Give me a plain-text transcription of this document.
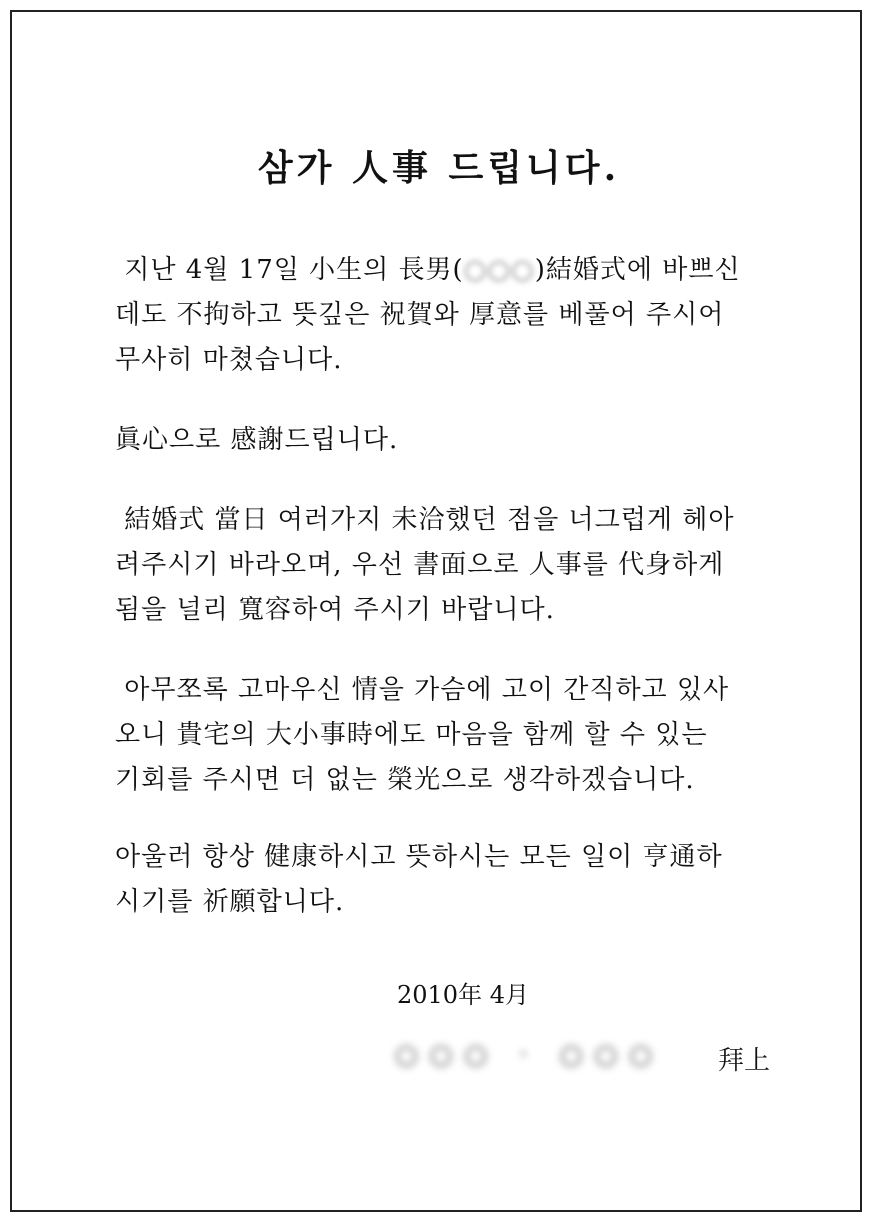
삼가 人事 드립니다.
지난 4월 17일 小生의 長男(○○○)結婚式에 바쁘신
데도 不拘하고 뜻깊은 祝賀와 厚意를 베풀어 주시어
무사히 마쳤습니다.
眞心으로 感謝드립니다.
結婚式 當日 여러가지 未洽했던 점을 너그럽게 헤아
려주시기 바라오며, 우선 書面으로 人事를 代身하게
됨을 널리 寬容하여 주시기 바랍니다.
아무쪼록 고마우신 情을 가슴에 고이 간직하고 있사
오니 貴宅의 大小事時에도 마음을 함께 할 수 있는
기회를 주시면 더 없는 榮光으로 생각하겠습니다.
아울러 항상 健康하시고 뜻하시는 모든 일이 亨通하
시기를 祈願합니다.
2010年 4月
○○○ · ○○○ 拜上
